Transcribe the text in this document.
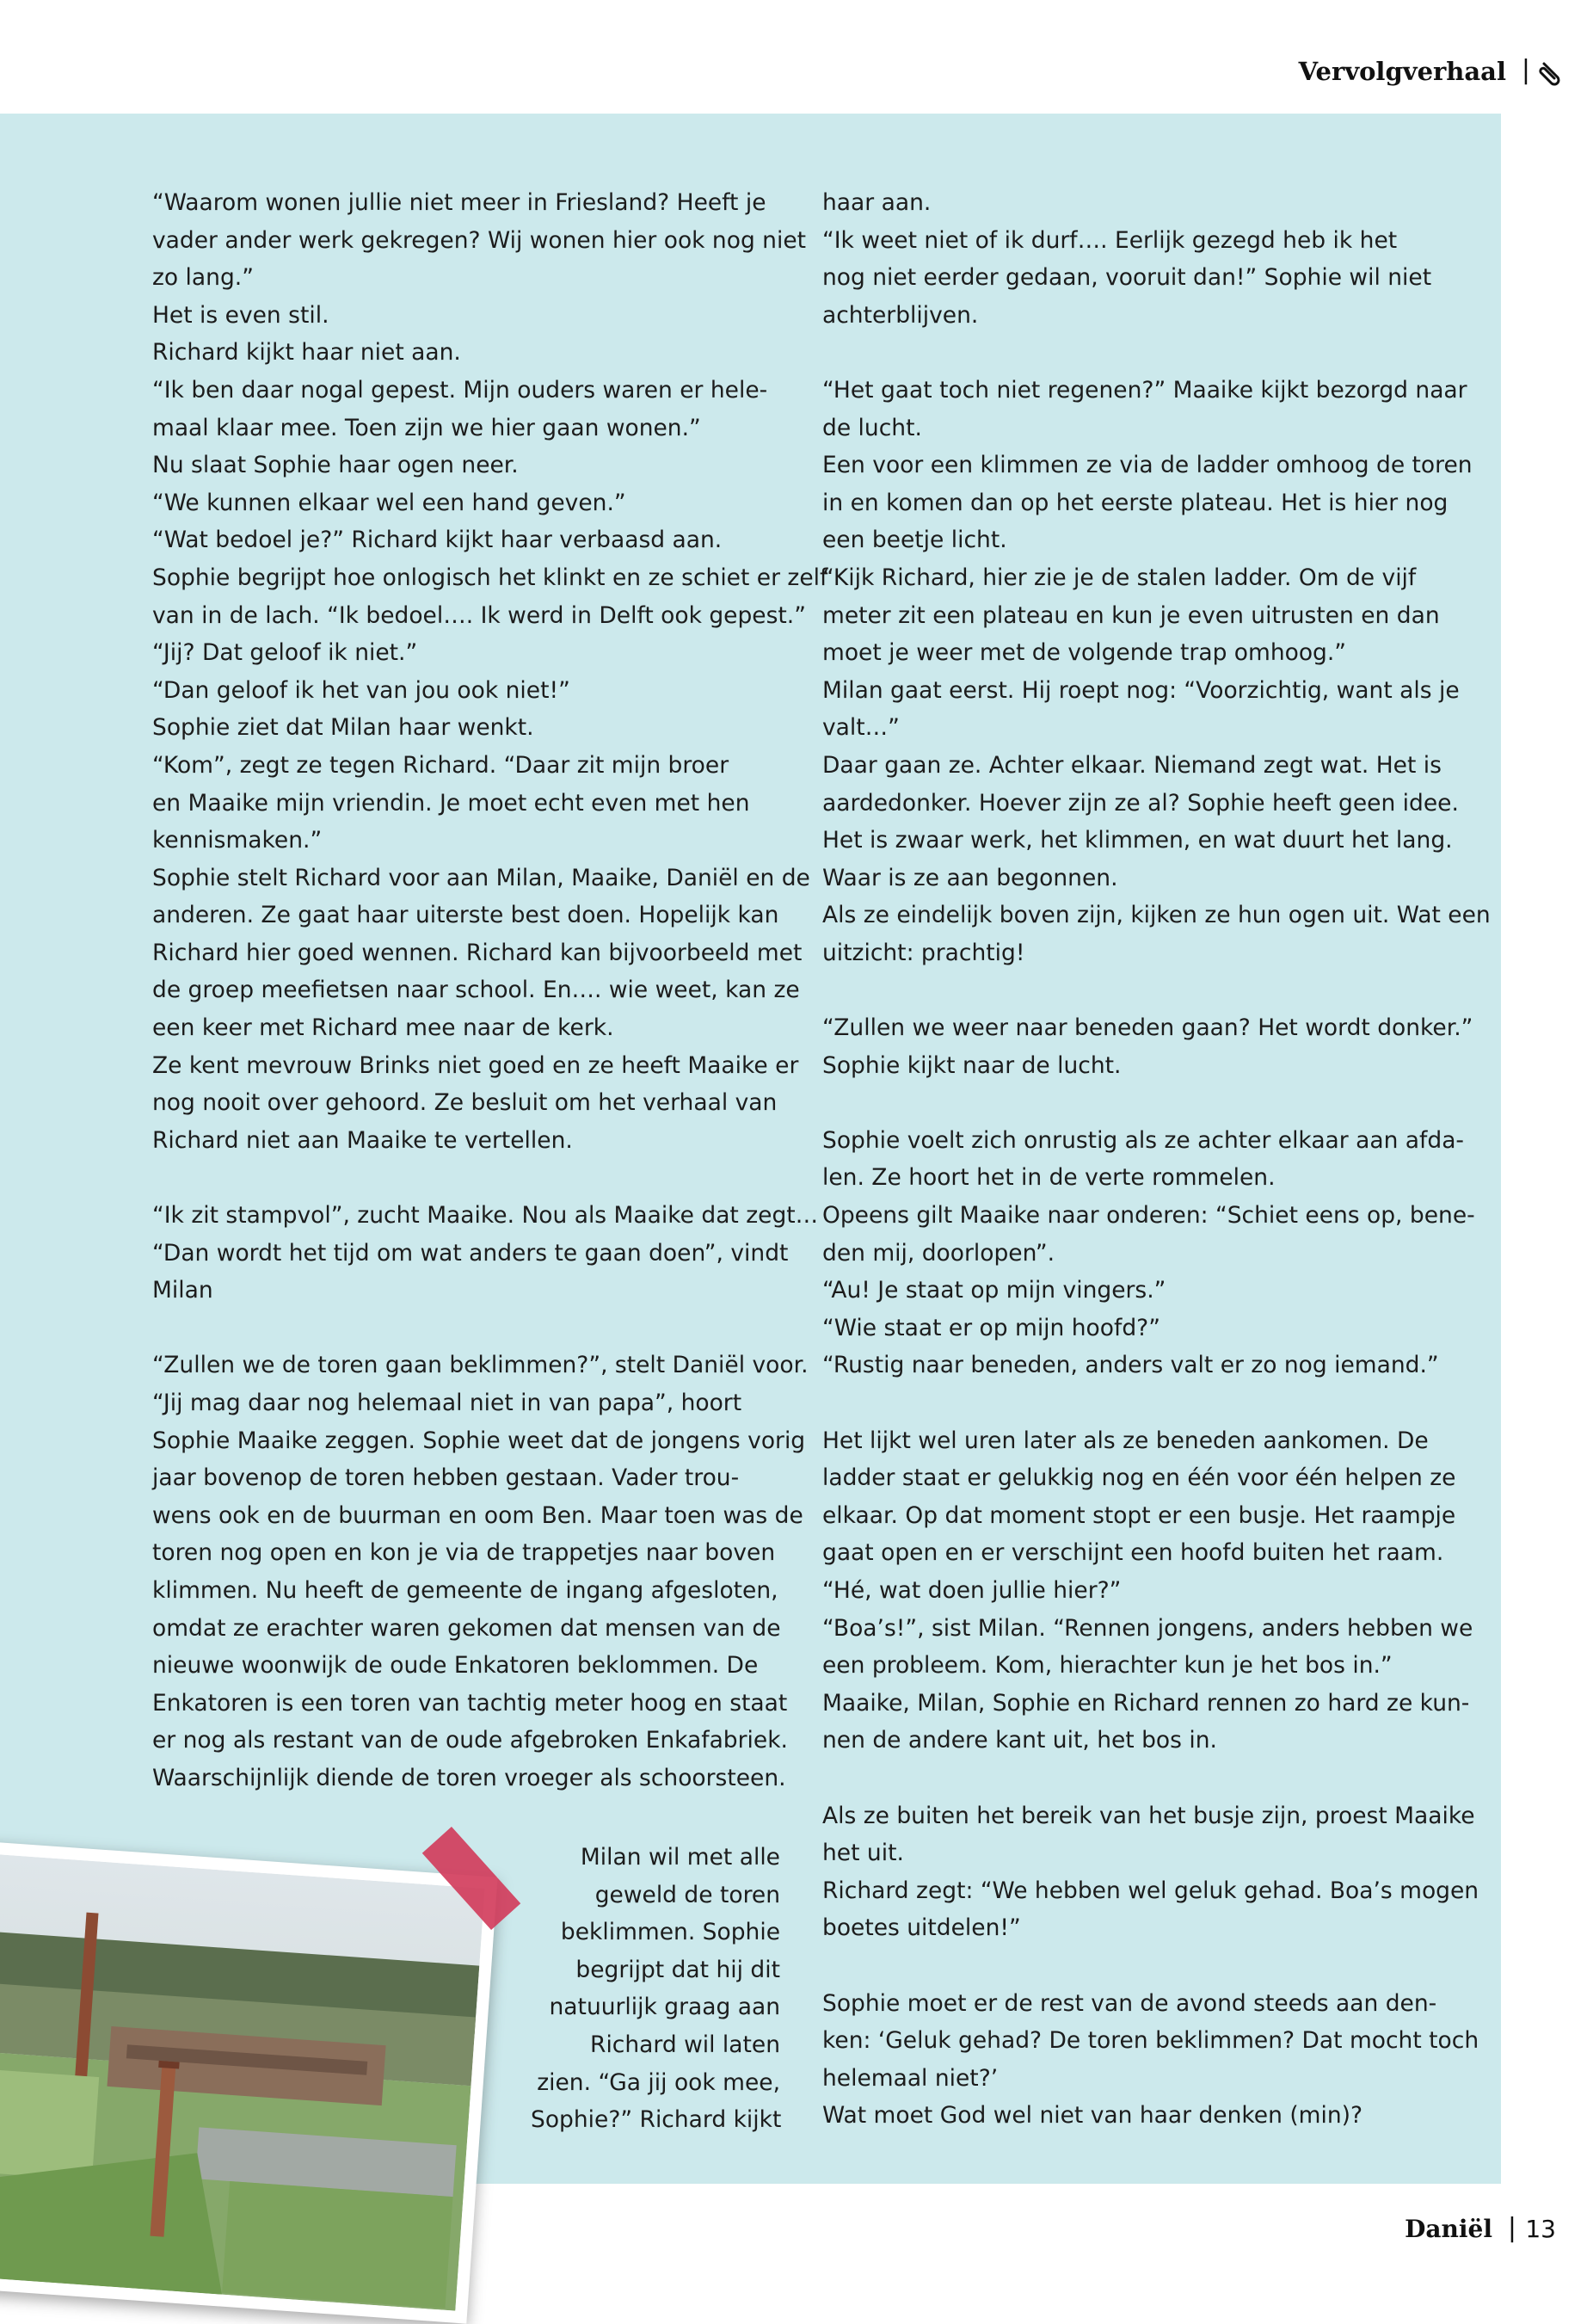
Vervolgverhaal |
“Waarom wonen jullie niet meer in Friesland? Heeft je
vader ander werk gekregen? Wij wonen hier ook nog niet
zo lang.”
Het is even stil.
Richard kijkt haar niet aan.
“Ik ben daar nogal gepest. Mijn ouders waren er hele-
maal klaar mee. Toen zijn we hier gaan wonen.”
Nu slaat Sophie haar ogen neer.
“We kunnen elkaar wel een hand geven.”
“Wat bedoel je?” Richard kijkt haar verbaasd aan.
Sophie begrijpt hoe onlogisch het klinkt en ze schiet er zelf
van in de lach. “Ik bedoel…. Ik werd in Delft ook gepest.”
“Jij? Dat geloof ik niet.”
“Dan geloof ik het van jou ook niet!”
Sophie ziet dat Milan haar wenkt.
“Kom”, zegt ze tegen Richard. “Daar zit mijn broer
en Maaike mijn vriendin. Je moet echt even met hen
kennismaken.”
Sophie stelt Richard voor aan Milan, Maaike, Daniël en de
anderen. Ze gaat haar uiterste best doen. Hopelijk kan
Richard hier goed wennen. Richard kan bijvoorbeeld met
de groep meefietsen naar school. En…. wie weet, kan ze
een keer met Richard mee naar de kerk.
Ze kent mevrouw Brinks niet goed en ze heeft Maaike er
nog nooit over gehoord. Ze besluit om het verhaal van
Richard niet aan Maaike te vertellen.
“Ik zit stampvol”, zucht Maaike. Nou als Maaike dat zegt…
“Dan wordt het tijd om wat anders te gaan doen”, vindt
Milan
“Zullen we de toren gaan beklimmen?”, stelt Daniël voor.
“Jij mag daar nog helemaal niet in van papa”, hoort
Sophie Maaike zeggen. Sophie weet dat de jongens vorig
jaar bovenop de toren hebben gestaan. Vader trou-
wens ook en de buurman en oom Ben. Maar toen was de
toren nog open en kon je via de trappetjes naar boven
klimmen. Nu heeft de gemeente de ingang afgesloten,
omdat ze erachter waren gekomen dat mensen van de
nieuwe woonwijk de oude Enkatoren beklommen. De
Enkatoren is een toren van tachtig meter hoog en staat
er nog als restant van de oude afgebroken Enkafabriek.
Waarschijnlijk diende de toren vroeger als schoorsteen.
Milan wil met alle
geweld de toren
beklimmen. Sophie
begrijpt dat hij dit
natuurlijk graag aan
Richard wil laten
zien. “Ga jij ook mee,
Sophie?” Richard kijkt
haar aan.
“Ik weet niet of ik durf…. Eerlijk gezegd heb ik het
nog niet eerder gedaan, vooruit dan!” Sophie wil niet
achterblijven.
“Het gaat toch niet regenen?” Maaike kijkt bezorgd naar
de lucht.
Een voor een klimmen ze via de ladder omhoog de toren
in en komen dan op het eerste plateau. Het is hier nog
een beetje licht.
“Kijk Richard, hier zie je de stalen ladder. Om de vijf
meter zit een plateau en kun je even uitrusten en dan
moet je weer met de volgende trap omhoog.”
Milan gaat eerst. Hij roept nog: “Voorzichtig, want als je
valt…”
Daar gaan ze. Achter elkaar. Niemand zegt wat. Het is
aardedonker. Hoever zijn ze al? Sophie heeft geen idee.
Het is zwaar werk, het klimmen, en wat duurt het lang.
Waar is ze aan begonnen.
Als ze eindelijk boven zijn, kijken ze hun ogen uit. Wat een
uitzicht: prachtig!
“Zullen we weer naar beneden gaan? Het wordt donker.”
Sophie kijkt naar de lucht.
Sophie voelt zich onrustig als ze achter elkaar aan afda-
len. Ze hoort het in de verte rommelen.
Opeens gilt Maaike naar onderen: “Schiet eens op, bene-
den mij, doorlopen”.
“Au! Je staat op mijn vingers.”
“Wie staat er op mijn hoofd?”
“Rustig naar beneden, anders valt er zo nog iemand.”
Het lijkt wel uren later als ze beneden aankomen. De
ladder staat er gelukkig nog en één voor één helpen ze
elkaar. Op dat moment stopt er een busje. Het raampje
gaat open en er verschijnt een hoofd buiten het raam.
“Hé, wat doen jullie hier?”
“Boa’s!”, sist Milan. “Rennen jongens, anders hebben we
een probleem. Kom, hierachter kun je het bos in.”
Maaike, Milan, Sophie en Richard rennen zo hard ze kun-
nen de andere kant uit, het bos in.
Als ze buiten het bereik van het busje zijn, proest Maaike
het uit.
Richard zegt: “We hebben wel geluk gehad. Boa’s mogen
boetes uitdelen!”
Sophie moet er de rest van de avond steeds aan den-
ken: ‘Geluk gehad? De toren beklimmen? Dat mocht toch
helemaal niet?’
Wat moet God wel niet van haar denken (min)?
Daniël | 13
